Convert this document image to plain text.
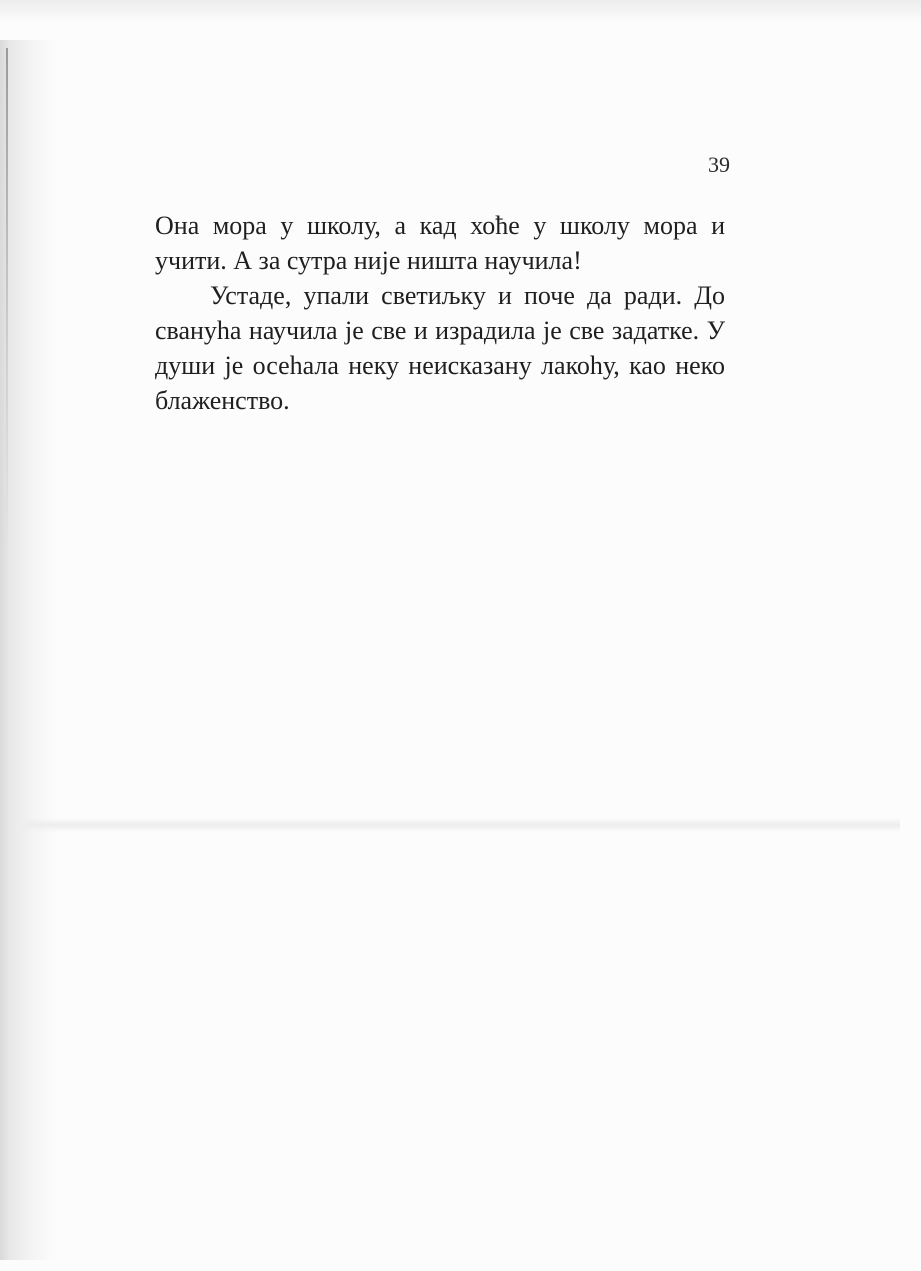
39

Она мора у школу, а кад хоће у школу мора и учити. А за сутра није ништа научила!

Устаде, упали светиљку и поче да ради. До свануһа научила je све и израдила je све задатке. У души je осеһала неку неисказану лакоһу, као неко блаженство.
